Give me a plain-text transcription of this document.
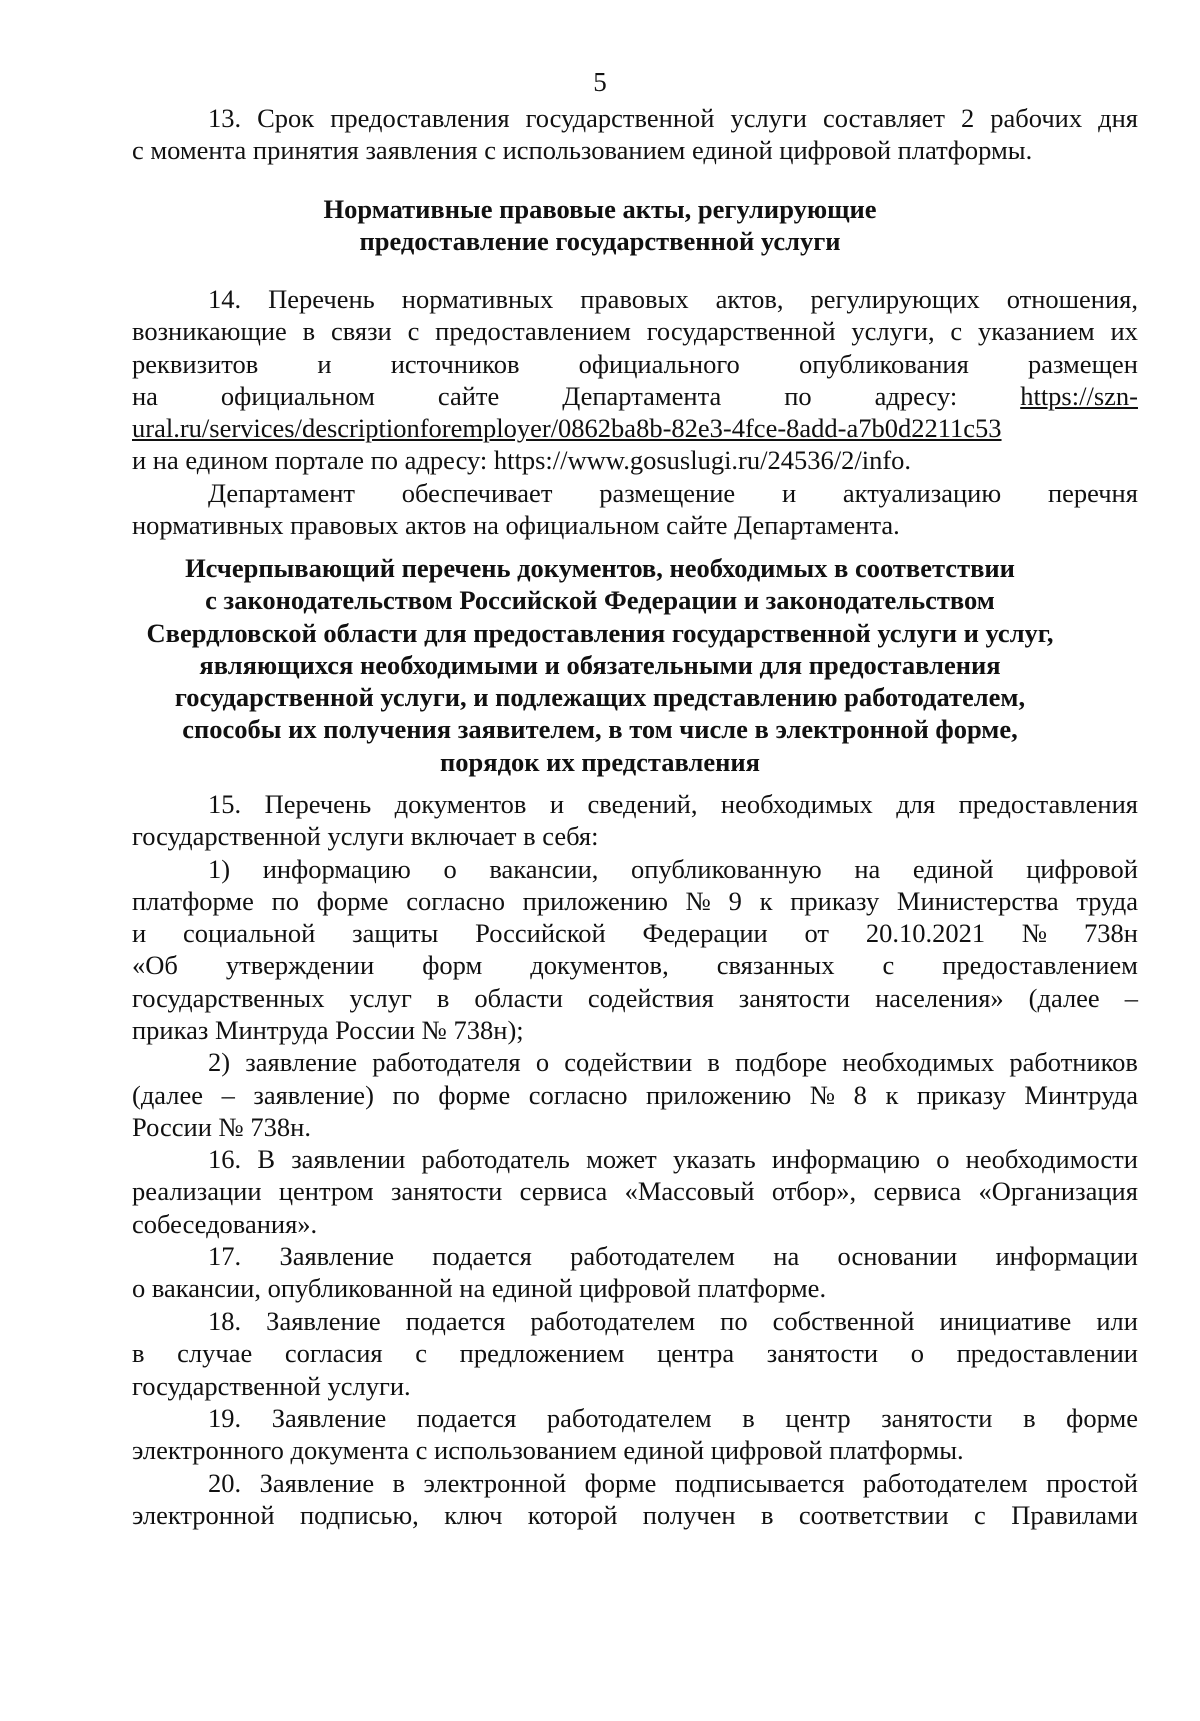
5
13. Срок предоставления государственной услуги составляет 2 рабочих дня
с момента принятия заявления с использованием единой цифровой платформы.
Нормативные правовые акты, регулирующие
предоставление государственной услуги
14. Перечень нормативных правовых актов, регулирующих отношения,
возникающие в связи с предоставлением государственной услуги, с указанием их
реквизитов и источников официального опубликования размещен
на официальном сайте Департамента по адресу: https://szn-
ural.ru/services/descriptionforemployer/0862ba8b-82e3-4fce-8add-a7b0d2211c53
и на едином портале по адресу: https://www.gosuslugi.ru/24536/2/info.
Департамент обеспечивает размещение и актуализацию перечня
нормативных правовых актов на официальном сайте Департамента.
Исчерпывающий перечень документов, необходимых в соответствии
с законодательством Российской Федерации и законодательством
Свердловской области для предоставления государственной услуги и услуг,
являющихся необходимыми и обязательными для предоставления
государственной услуги, и подлежащих представлению работодателем,
способы их получения заявителем, в том числе в электронной форме,
порядок их представления
15. Перечень документов и сведений, необходимых для предоставления
государственной услуги включает в себя:
1) информацию о вакансии, опубликованную на единой цифровой
платформе по форме согласно приложению № 9 к приказу Министерства труда
и социальной защиты Российской Федерации от 20.10.2021 № 738н
«Об утверждении форм документов, связанных с предоставлением
государственных услуг в области содействия занятости населения» (далее –
приказ Минтруда России № 738н);
2) заявление работодателя о содействии в подборе необходимых работников
(далее – заявление) по форме согласно приложению № 8 к приказу Минтруда
России № 738н.
16. В заявлении работодатель может указать информацию о необходимости
реализации центром занятости сервиса «Массовый отбор», сервиса «Организация
собеседования».
17. Заявление подается работодателем на основании информации
о вакансии, опубликованной на единой цифровой платформе.
18. Заявление подается работодателем по собственной инициативе или
в случае согласия с предложением центра занятости о предоставлении
государственной услуги.
19. Заявление подается работодателем в центр занятости в форме
электронного документа с использованием единой цифровой платформы.
20. Заявление в электронной форме подписывается работодателем простой
электронной подписью, ключ которой получен в соответствии с Правилами
